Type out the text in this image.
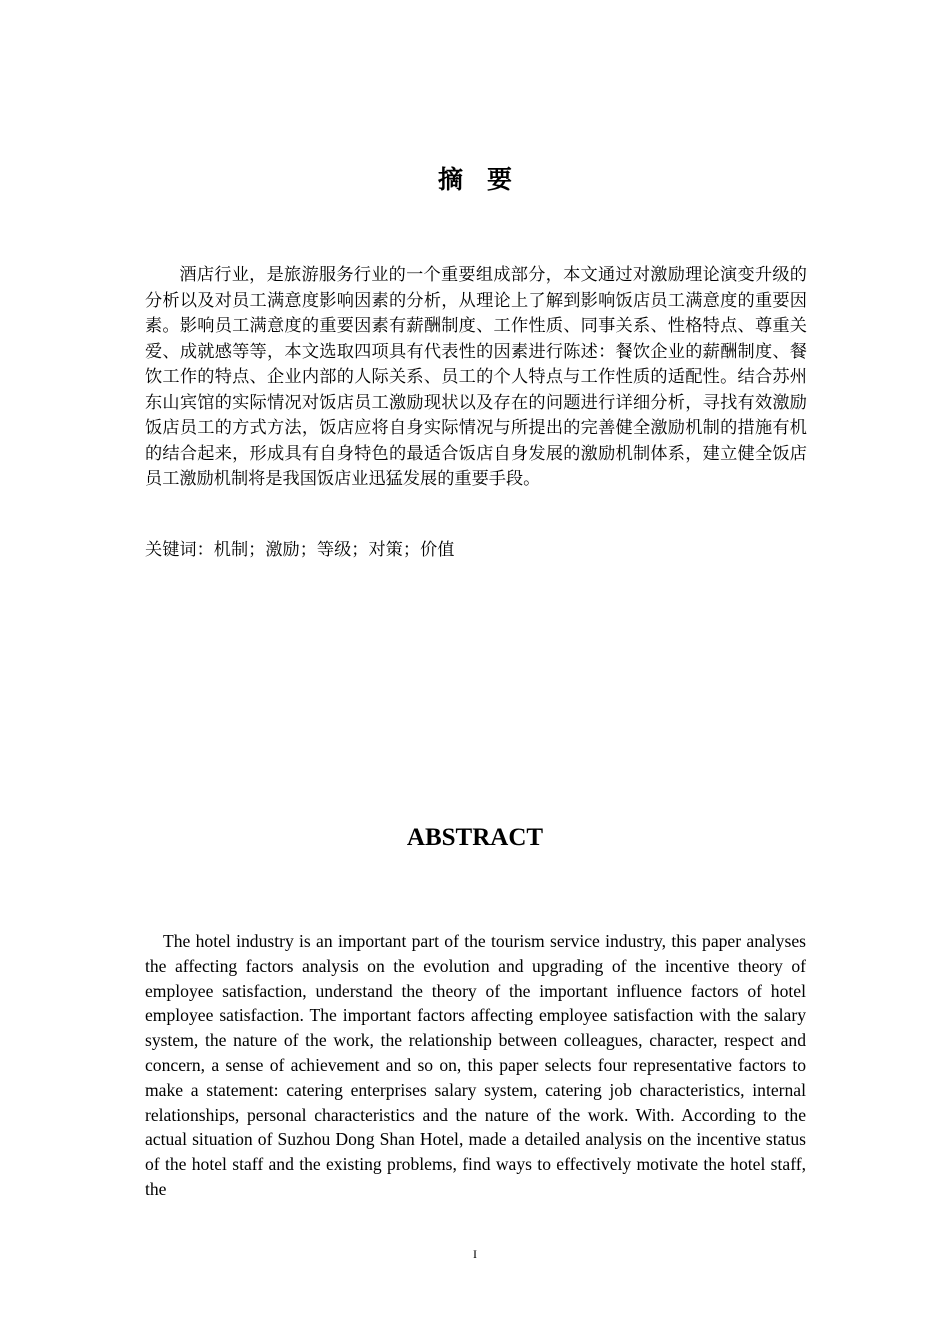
摘要

酒店行业，是旅游服务行业的一个重要组成部分，本文通过对激励理论演变升级的分析以及对员工满意度影响因素的分析，从理论上了解到影响饭店员工满意度的重要因素。影响员工满意度的重要因素有薪酬制度、工作性质、同事关系、性格特点、尊重关爱、成就感等等，本文选取四项具有代表性的因素进行陈述：餐饮企业的薪酬制度、餐饮工作的特点、企业内部的人际关系、员工的个人特点与工作性质的适配性。结合苏州东山宾馆的实际情况对饭店员工激励现状以及存在的问题进行详细分析，寻找有效激励饭店员工的方式方法，饭店应将自身实际情况与所提出的完善健全激励机制的措施有机的结合起来，形成具有自身特色的最适合饭店自身发展的激励机制体系，建立健全饭店员工激励机制将是我国饭店业迅猛发展的重要手段。

关键词：机制；激励；等级；对策；价值

ABSTRACT

The hotel industry is an important part of the tourism service industry, this paper analyses the affecting factors analysis on the evolution and upgrading of the incentive theory of employee satisfaction, understand the theory of the important influence factors of hotel employee satisfaction. The important factors affecting employee satisfaction with the salary system, the nature of the work, the relationship between colleagues, character, respect and concern, a sense of achievement and so on, this paper selects four representative factors to make a statement: catering enterprises salary system, catering job characteristics, internal relationships, personal characteristics and the nature of the work. With. According to the actual situation of Suzhou Dong Shan Hotel, made a detailed analysis on the incentive status of the hotel staff and the existing problems, find ways to effectively motivate the hotel staff, the

I
